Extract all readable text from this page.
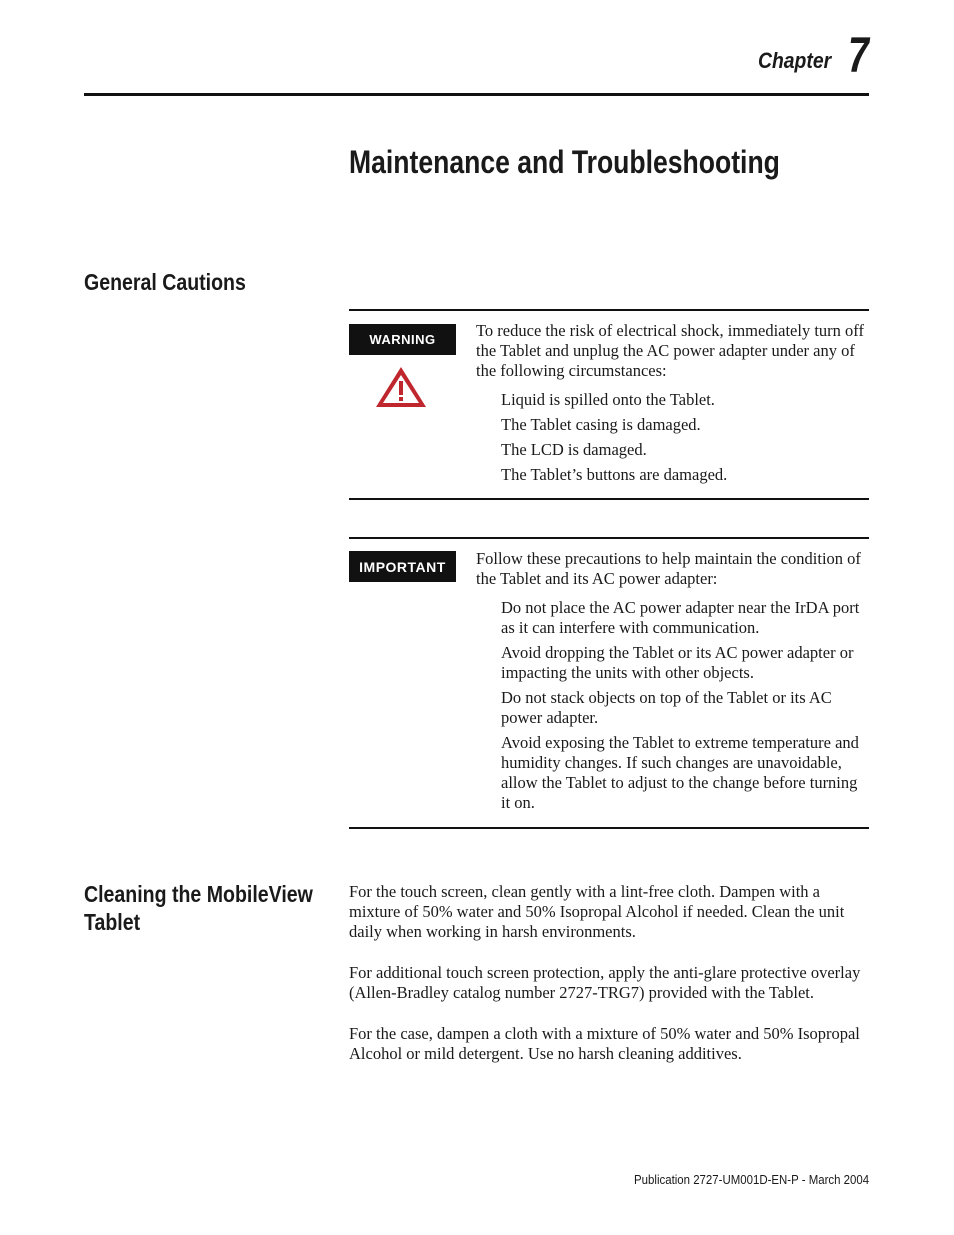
Chapter 7
Maintenance and Troubleshooting
General Cautions
WARNING	To reduce the risk of electrical shock, immediately turn off the Tablet and unplug the AC power adapter under any of the following circumstances:

Liquid is spilled onto the Tablet.
The Tablet casing is damaged.
The LCD is damaged.
The Tablet’s buttons are damaged.
IMPORTANT	Follow these precautions to help maintain the condition of the Tablet and its AC power adapter:

Do not place the AC power adapter near the IrDA port as it can interfere with communication.
Avoid dropping the Tablet or its AC power adapter or impacting the units with other objects.
Do not stack objects on top of the Tablet or its AC power adapter.
Avoid exposing the Tablet to extreme temperature and humidity changes. If such changes are unavoidable, allow the Tablet to adjust to the change before turning it on.
Cleaning the MobileView Tablet

For the touch screen, clean gently with a lint-free cloth. Dampen with a mixture of 50% water and 50% Isopropal Alcohol if needed. Clean the unit daily when working in harsh environments.

For additional touch screen protection, apply the anti-glare protective overlay (Allen-Bradley catalog number 2727-TRG7) provided with the Tablet.

For the case, dampen a cloth with a mixture of 50% water and 50% Isopropal Alcohol or mild detergent. Use no harsh cleaning additives.

Publication 2727-UM001D-EN-P - March 2004
